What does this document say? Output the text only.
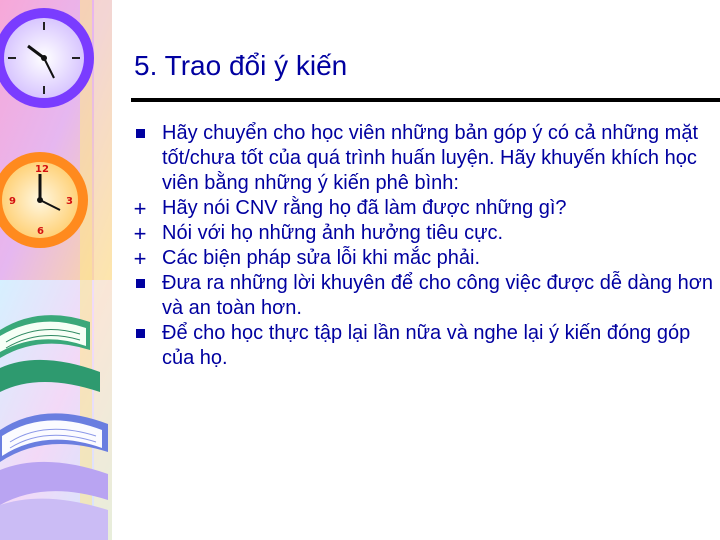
12
3
6
9
5. Trao đổi ý kiến
Hãy chuyển cho học viên những bản góp ý có cả những mặt tốt/chưa tốt của quá trình huấn luyện. Hãy khuyến khích học viên bằng những ý kiến phê bình:
+ Hãy nói CNV rằng họ đã làm được những gì?
+ Nói với họ những ảnh hưởng tiêu cực.
+ Các biện pháp sửa lỗi khi mắc phải.
Đưa ra những lời khuyên để cho công việc được dễ dàng hơn và an toàn hơn.
Để cho học thực tập lại lần nữa và nghe lại ý kiến đóng góp của họ.
